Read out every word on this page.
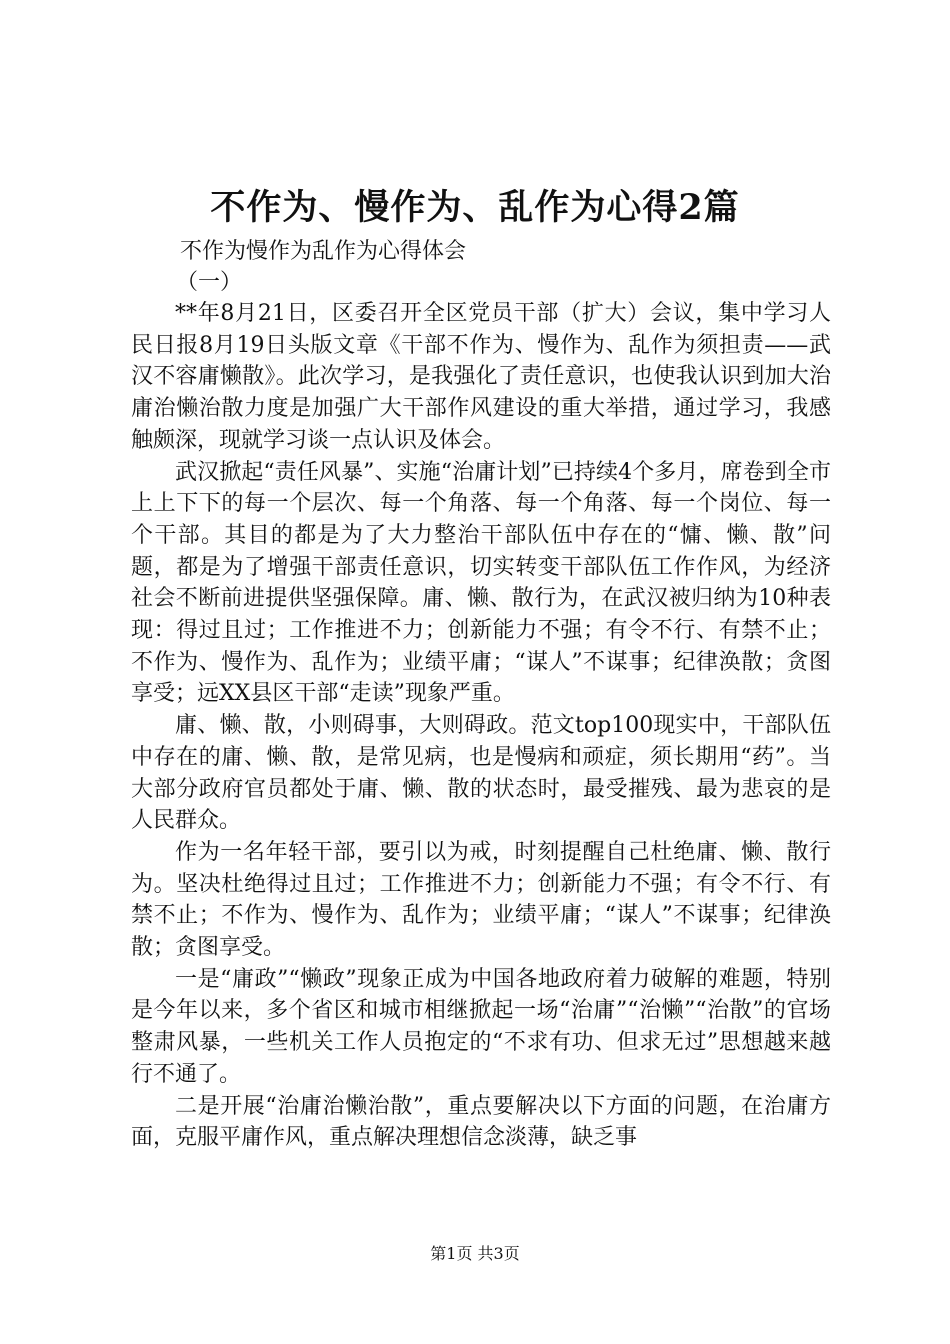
不作为、慢作为、乱作为心得2篇
不作为慢作为乱作为心得体会
（一）

**年8月21日，区委召开全区党员干部（扩大）会议，集中学习人民日报8月19日头版文章《干部不作为、慢作为、乱作为须担责——武汉不容庸懒散》。此次学习，是我强化了责任意识，也使我认识到加大治庸治懒治散力度是加强广大干部作风建设的重大举措，通过学习，我感触颇深，现就学习谈一点认识及体会。

武汉掀起“责任风暴”、实施“治庸计划”已持续4个多月，席卷到全市上上下下的每一个层次、每一个角落、每一个角落、每一个岗位、每一个干部。其目的都是为了大力整治干部队伍中存在的“慵、懒、散”问题，都是为了增强干部责任意识，切实转变干部队伍工作作风，为经济社会不断前进提供坚强保障。庸、懒、散行为，在武汉被归纳为10种表现：得过且过；工作推进不力；创新能力不强；有令不行、有禁不止；不作为、慢作为、乱作为；业绩平庸；“谋人”不谋事；纪律涣散；贪图享受；远XX县区干部“走读”现象严重。

庸、懒、散，小则碍事，大则碍政。范文top100现实中，干部队伍中存在的庸、懒、散，是常见病，也是慢病和顽症，须长期用“药”。当大部分政府官员都处于庸、懒、散的状态时，最受摧残、最为悲哀的是人民群众。

作为一名年轻干部，要引以为戒，时刻提醒自己杜绝庸、懒、散行为。坚决杜绝得过且过；工作推进不力；创新能力不强；有令不行、有禁不止；不作为、慢作为、乱作为；业绩平庸；“谋人”不谋事；纪律涣散；贪图享受。

一是“庸政”“懒政”现象正成为中国各地政府着力破解的难题，特别是今年以来，多个省区和城市相继掀起一场“治庸”“治懒”“治散”的官场整肃风暴，一些机关工作人员抱定的“不求有功、但求无过”思想越来越行不通了。

二是开展“治庸治懒治散”，重点要解决以下方面的问题，在治庸方面，克服平庸作风，重点解决理想信念淡薄，缺乏事

第1页 共3页
